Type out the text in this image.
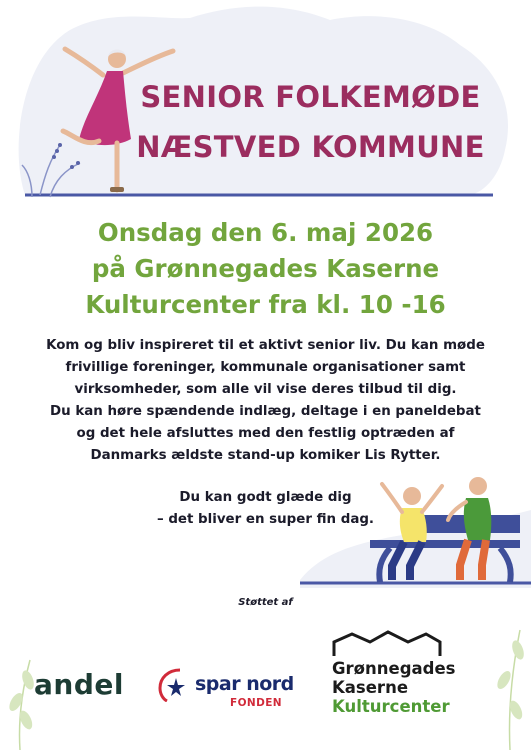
SENIOR FOLKEMØDE
NÆSTVED KOMMUNE
Onsdag den 6. maj 2026
på Grønnegades Kaserne
Kulturcenter fra kl. 10 -16
Kom og bliv inspireret til et aktivt senior liv. Du kan møde
frivillige foreninger, kommunale organisationer samt
virksomheder, som alle vil vise deres tilbud til dig.
Du kan høre spændende indlæg, deltage i en paneldebat
og det hele afsluttes med den festlig optræden af
Danmarks ældste stand-up komiker Lis Rytter.
Du kan godt glæde dig
– det bliver en super fin dag.
Støttet af
andel	spar nord
FONDEN
Grønnegades
Kaserne
Kulturcenter
